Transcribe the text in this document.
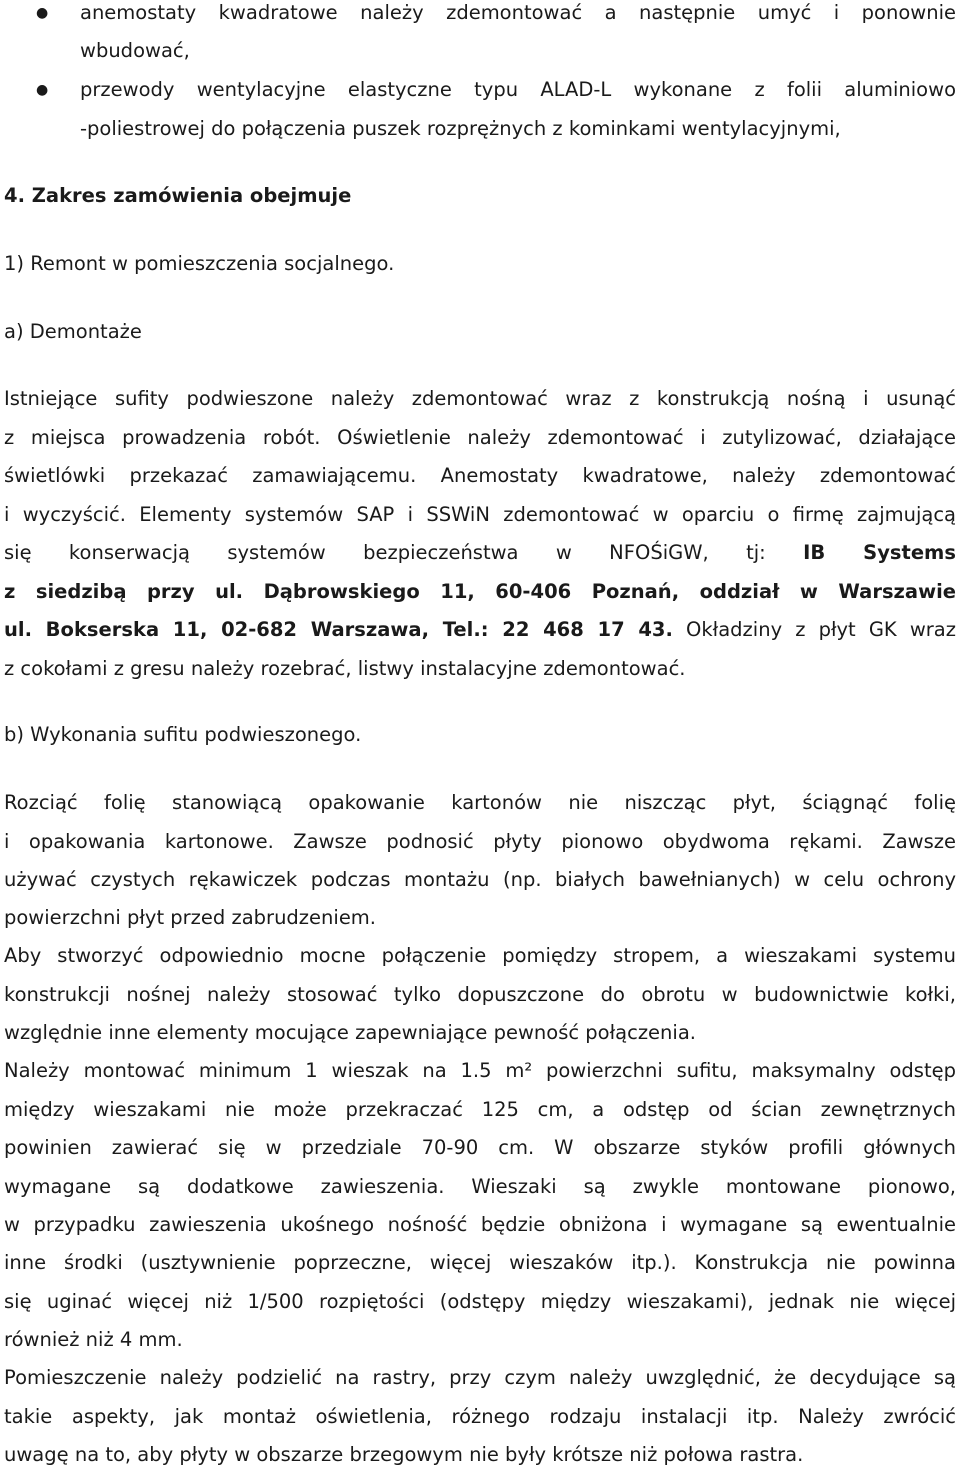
● anemostaty kwadratowe należy zdemontować a następnie umyć i ponownie
wbudować,
● przewody wentylacyjne elastyczne typu ALAD-L wykonane z folii aluminiowo
-poliestrowej do połączenia puszek rozprężnych z kominkami wentylacyjnymi,
4. Zakres zamówienia obejmuje
1) Remont w pomieszczenia socjalnego.
a) Demontaże
Istniejące sufity podwieszone należy zdemontować wraz z konstrukcją nośną i usunąć
z miejsca prowadzenia robót. Oświetlenie należy zdemontować i zutylizować, działające
świetlówki przekazać zamawiającemu. Anemostaty kwadratowe, należy zdemontować
i wyczyścić. Elementy systemów SAP i SSWiN zdemontować w oparciu o firmę zajmującą
się konserwacją systemów bezpieczeństwa w NFOŚiGW, tj: IB Systems
z siedzibą przy ul. Dąbrowskiego 11, 60-406 Poznań, oddział w Warszawie
ul. Bokserska 11, 02-682 Warszawa, Tel.: 22 468 17 43. Okładziny z płyt GK wraz
z cokołami z gresu należy rozebrać, listwy instalacyjne zdemontować.
b) Wykonania sufitu podwieszonego.
Rozciąć folię stanowiącą opakowanie kartonów nie niszcząc płyt, ściągnąć folię
i opakowania kartonowe. Zawsze podnosić płyty pionowo obydwoma rękami. Zawsze
używać czystych rękawiczek podczas montażu (np. białych bawełnianych) w celu ochrony
powierzchni płyt przed zabrudzeniem.
Aby stworzyć odpowiednio mocne połączenie pomiędzy stropem, a wieszakami systemu
konstrukcji nośnej należy stosować tylko dopuszczone do obrotu w budownictwie kołki,
względnie inne elementy mocujące zapewniające pewność połączenia.
Należy montować minimum 1 wieszak na 1.5 m² powierzchni sufitu, maksymalny odstęp
między wieszakami nie może przekraczać 125 cm, a odstęp od ścian zewnętrznych
powinien zawierać się w przedziale 70-90 cm. W obszarze styków profili głównych
wymagane są dodatkowe zawieszenia. Wieszaki są zwykle montowane pionowo,
w przypadku zawieszenia ukośnego nośność będzie obniżona i wymagane są ewentualnie
inne środki (usztywnienie poprzeczne, więcej wieszaków itp.). Konstrukcja nie powinna
się uginać więcej niż 1/500 rozpiętości (odstępy między wieszakami), jednak nie więcej
również niż 4 mm.
Pomieszczenie należy podzielić na rastry, przy czym należy uwzględnić, że decydujące są
takie aspekty, jak montaż oświetlenia, różnego rodzaju instalacji itp. Należy zwrócić
uwagę na to, aby płyty w obszarze brzegowym nie były krótsze niż połowa rastra.
